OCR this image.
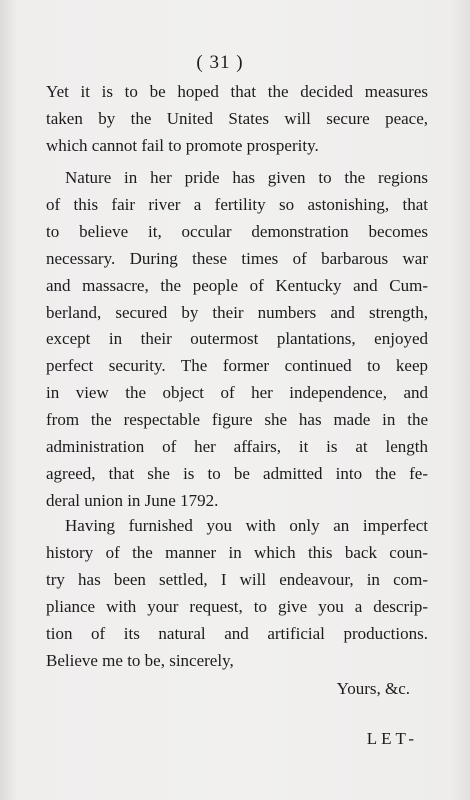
( 31 )
Yet it is to be hoped that the decided measures
taken by the United States will secure peace,
which cannot fail to promote prosperity.
Nature in her pride has given to the regions
of this fair river a fertility so astonishing, that
to believe it, occular demonstration becomes
necessary. During these times of barbarous war
and massacre, the people of Kentucky and Cum-
berland, secured by their numbers and strength,
except in their outermost plantations, enjoyed
perfect security. The former continued to keep
in view the object of her independence, and
from the respectable figure she has made in the
administration of her affairs, it is at length
agreed, that she is to be admitted into the fe-
deral union in June 1792.
Having furnished you with only an imperfect
history of the manner in which this back coun-
try has been settled, I will endeavour, in com-
pliance with your request, to give you a descrip-
tion of its natural and artificial productions.
Believe me to be, sincerely,
Yours, &c.
LET-
